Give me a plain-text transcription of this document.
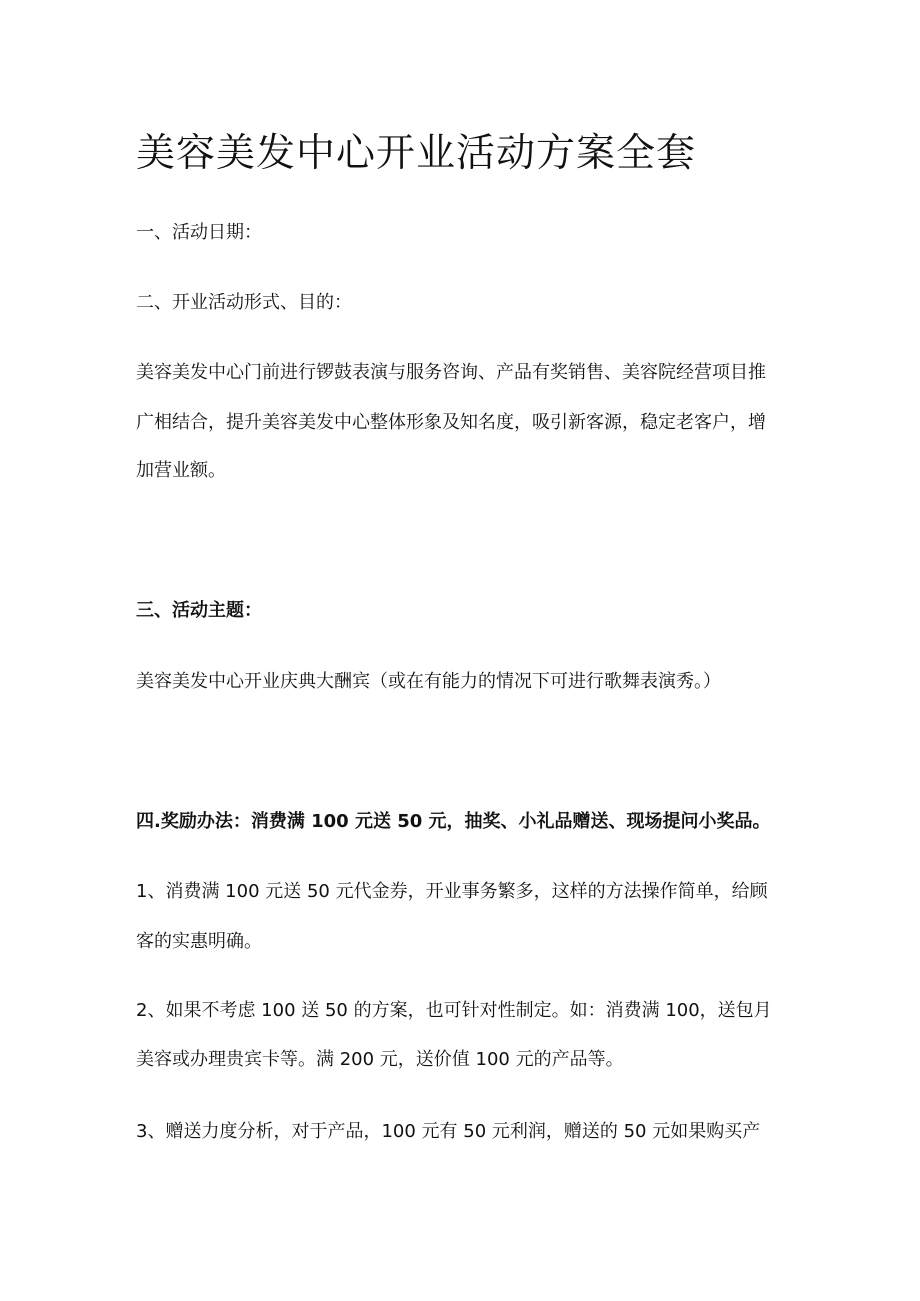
美容美发中心开业活动方案全套

一、活动日期：

二、开业活动形式、目的：

美容美发中心门前进行锣鼓表演与服务咨询、产品有奖销售、美容院经营项目推

广相结合，提升美容美发中心整体形象及知名度，吸引新客源，稳定老客户，增

加营业额。

三、活动主题：

美容美发中心开业庆典大酬宾（或在有能力的情况下可进行歌舞表演秀。）

四.奖励办法：消费满 100 元送 50 元，抽奖、小礼品赠送、现场提问小奖品。

1、消费满 100 元送 50 元代金券，开业事务繁多，这样的方法操作简单，给顾

客的实惠明确。

2、如果不考虑 100 送 50 的方案，也可针对性制定。如：消费满 100，送包月

美容或办理贵宾卡等。满 200 元，送价值 100 元的产品等。

3、赠送力度分析，对于产品，100 元有 50 元利润，赠送的 50 元如果购买产
